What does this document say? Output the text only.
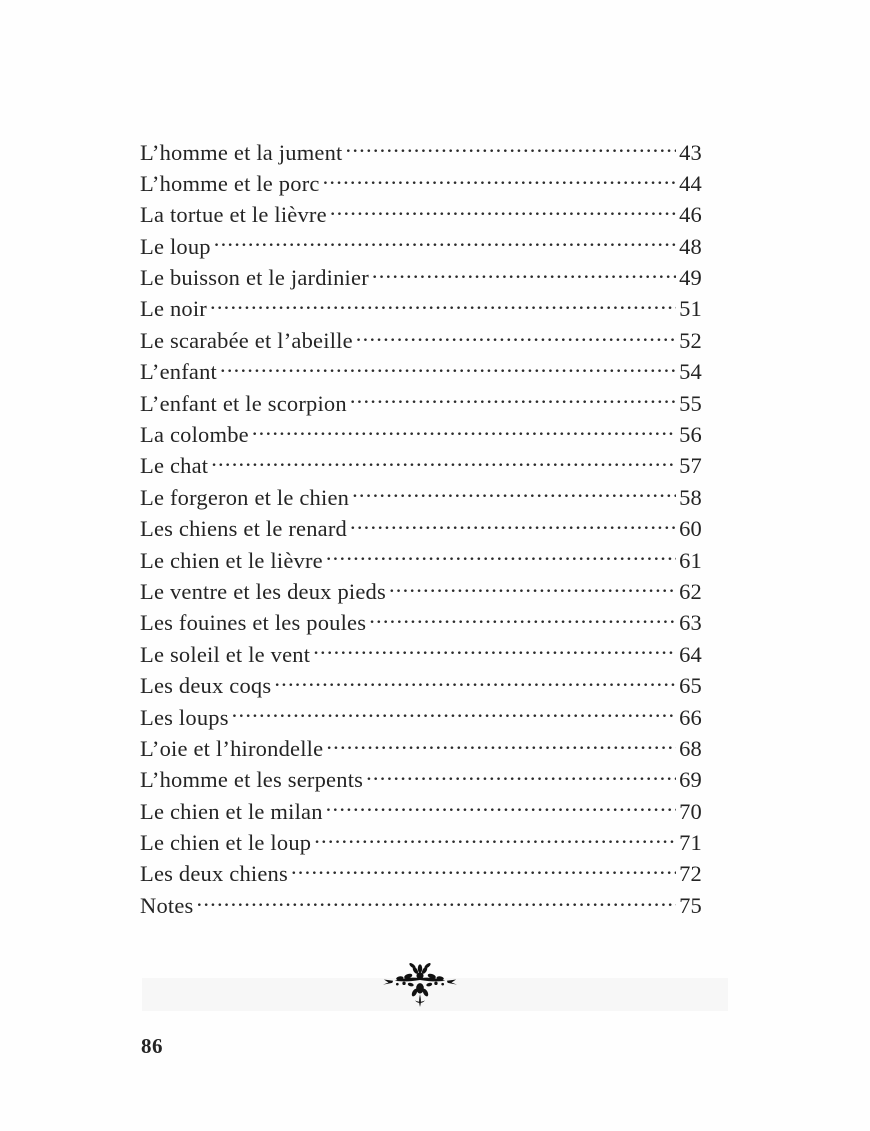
L’homme et la jument .....	43
L’homme et le porc .....	44
La tortue et le lièvre .....	46
Le loup .....	48
Le buisson et le jardinier .....	49
Le noir .....	51
Le scarabée et l’abeille .....	52
L’enfant .....	54
L’enfant et le scorpion .....	55
La colombe .....	56
Le chat .....	57
Le forgeron et le chien .....	58
Les chiens et le renard .....	60
Le chien et le lièvre .....	61
Le ventre et les deux pieds .....	62
Les fouines et les poules .....	63
Le soleil et le vent .....	64
Les deux coqs .....	65
Les loups .....	66
L’oie et l’hirondelle .....	68
L’homme et les serpents .....	69
Le chien et le milan .....	70
Le chien et le loup .....	71
Les deux chiens .....	72
Notes .....	75
86
